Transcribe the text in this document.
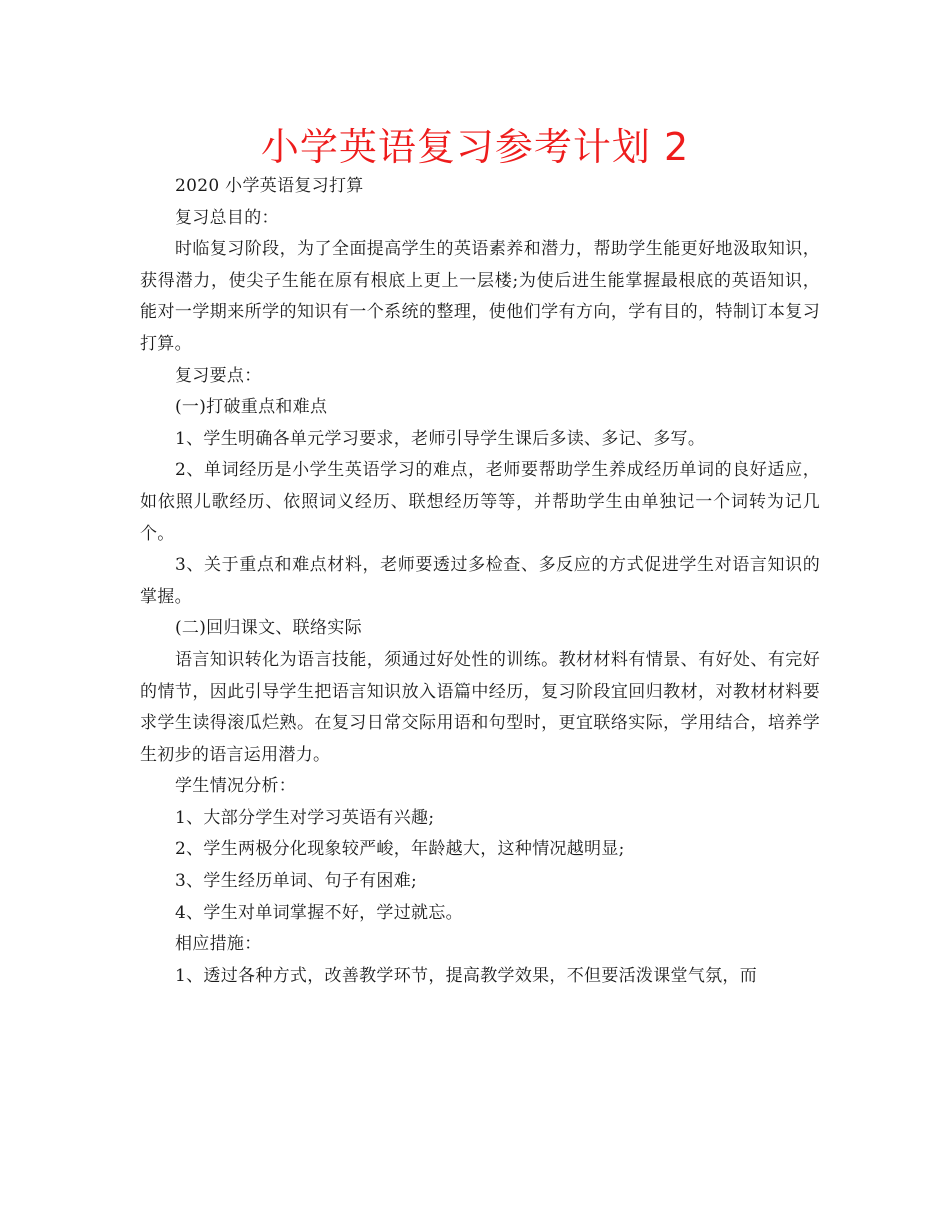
小学英语复习参考计划 2

2020 小学英语复习打算

复习总目的：

时临复习阶段，为了全面提高学生的英语素养和潜力，帮助学生能更好地汲取知识，获得潜力，使尖子生能在原有根底上更上一层楼;为使后进生能掌握最根底的英语知识，能对一学期来所学的知识有一个系统的整理，使他们学有方向，学有目的，特制订本复习打算。

复习要点：

(一)打破重点和难点

1、学生明确各单元学习要求，老师引导学生课后多读、多记、多写。

2、单词经历是小学生英语学习的难点，老师要帮助学生养成经历单词的良好适应，如依照儿歌经历、依照词义经历、联想经历等等，并帮助学生由单独记一个词转为记几个。

3、关于重点和难点材料，老师要透过多检查、多反应的方式促进学生对语言知识的掌握。

(二)回归课文、联络实际

语言知识转化为语言技能，须通过好处性的训练。教材材料有情景、有好处、有完好的情节，因此引导学生把语言知识放入语篇中经历，复习阶段宜回归教材，对教材材料要求学生读得滚瓜烂熟。在复习日常交际用语和句型时，更宜联络实际，学用结合，培养学生初步的语言运用潜力。

学生情况分析：

1、大部分学生对学习英语有兴趣;

2、学生两极分化现象较严峻，年龄越大，这种情况越明显;

3、学生经历单词、句子有困难;

4、学生对单词掌握不好，学过就忘。

相应措施：

1、透过各种方式，改善教学环节，提高教学效果，不但要活泼课堂气氛，而
